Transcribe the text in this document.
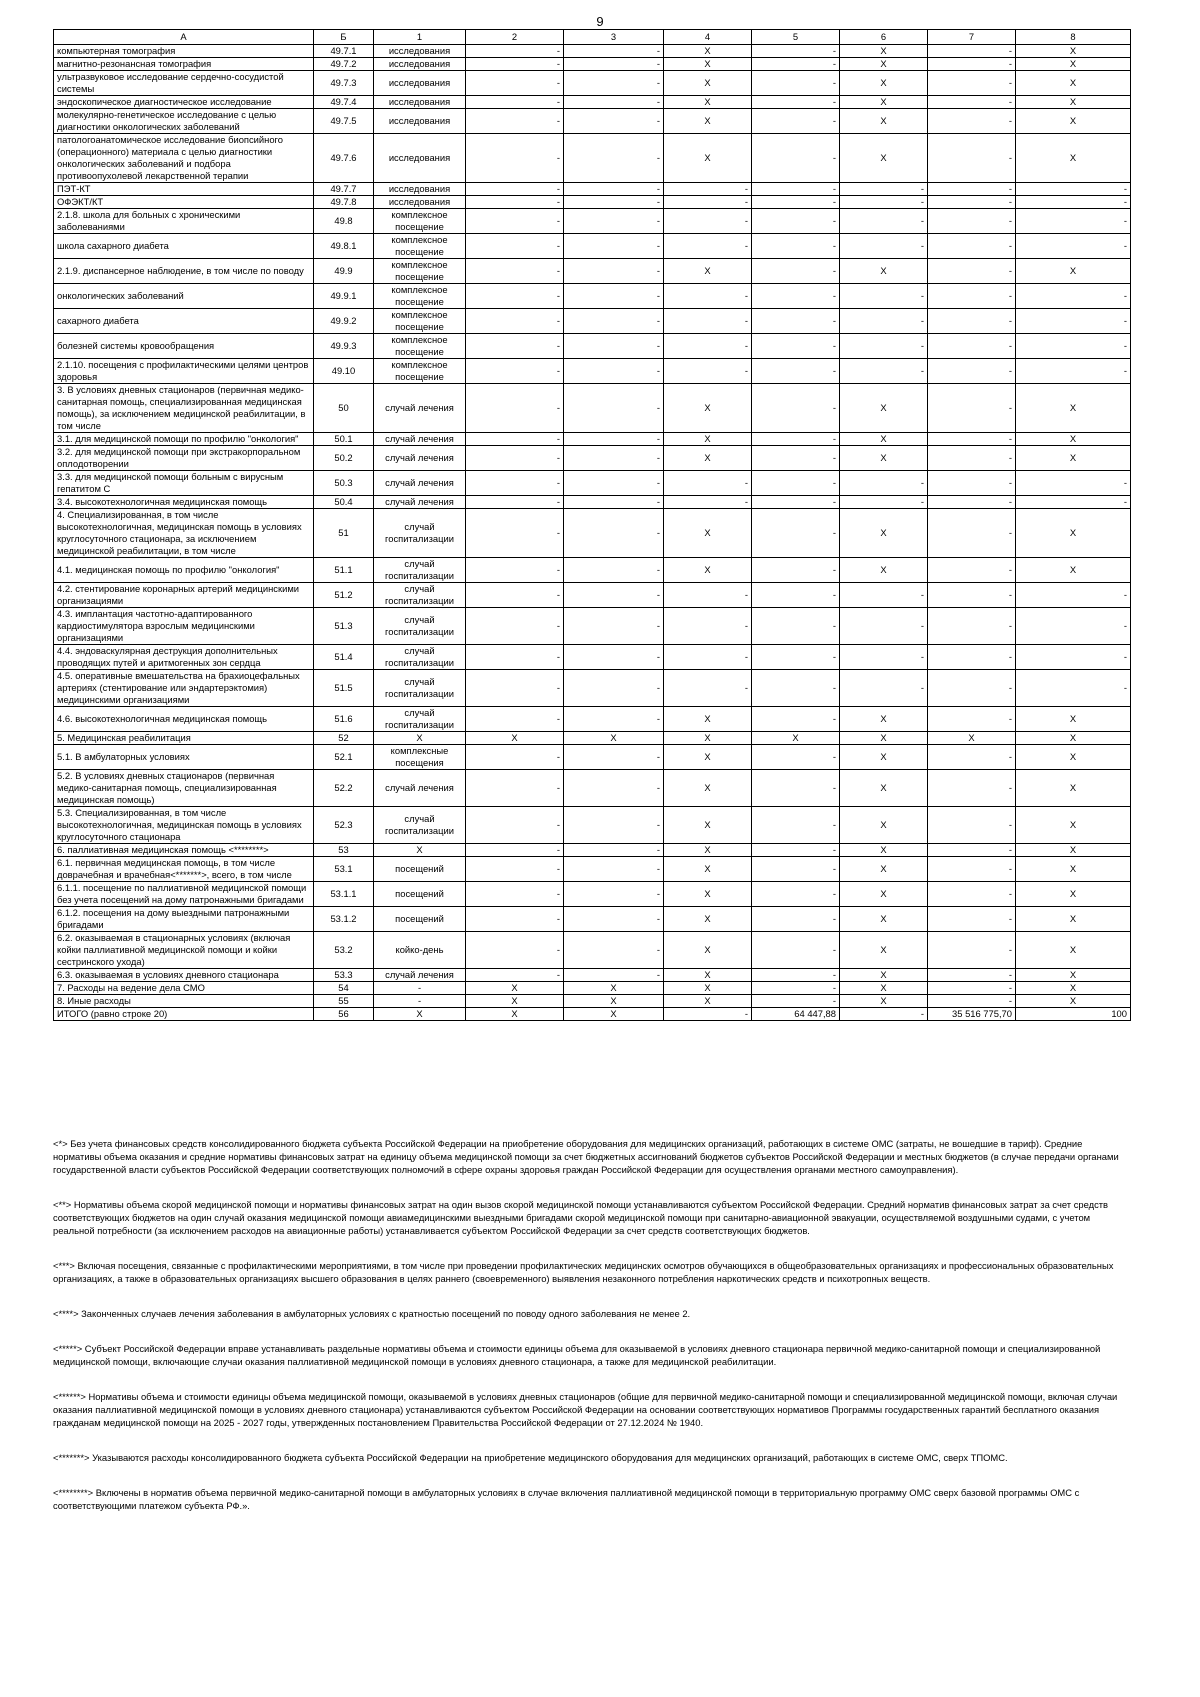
9
А	Б	1	2	3	4	5	6	7	8
компьютерная томография	49.7.1	исследования	-	-	X	-	X	-	X
магнитно-резонансная томография	49.7.2	исследования	-	-	X	-	X	-	X
ультразвуковое исследование сердечно-сосудистой системы	49.7.3	исследования	-	-	X	-	X	-	X
эндоскопическое диагностическое исследование	49.7.4	исследования	-	-	X	-	X	-	X
молекулярно-генетическое исследование с целью диагностики онкологических заболеваний	49.7.5	исследования	-	-	X	-	X	-	X
патологоанатомическое исследование биопсийного (операционного) материала с целью диагностики онкологических заболеваний и подбора противоопухолевой лекарственной терапии	49.7.6	исследования	-	-	X	-	X	-	X
ПЭТ-КТ	49.7.7	исследования	-	-	-	-	-	-	-
ОФЭКТ/КТ	49.7.8	исследования	-	-	-	-	-	-	-
2.1.8. школа для больных с хроническими заболеваниями	49.8	комплексное посещение	-	-	-	-	-	-	-
школа сахарного диабета	49.8.1	комплексное посещение	-	-	-	-	-	-	-
2.1.9. диспансерное наблюдение, в том числе по поводу	49.9	комплексное посещение	-	-	X	-	X	-	X
онкологических заболеваний	49.9.1	комплексное посещение	-	-	-	-	-	-	-
сахарного диабета	49.9.2	комплексное посещение	-	-	-	-	-	-	-
болезней системы кровообращения	49.9.3	комплексное посещение	-	-	-	-	-	-	-
2.1.10. посещения с профилактическими целями центров здоровья	49.10	комплексное посещение	-	-	-	-	-	-	-
3. В условиях дневных стационаров (первичная медико-санитарная помощь, специализированная медицинская помощь), за исключением медицинской реабилитации, в том числе	50	случай лечения	-	-	X	-	X	-	X
3.1. для медицинской помощи по профилю "онкология"	50.1	случай лечения	-	-	X	-	X	-	X
3.2. для медицинской помощи при экстракорпоральном оплодотворении	50.2	случай лечения	-	-	X	-	X	-	X
3.3. для медицинской помощи больным с вирусным гепатитом С	50.3	случай лечения	-	-	-	-	-	-	-
3.4. высокотехнологичная медицинская помощь	50.4	случай лечения	-	-	-	-	-	-	-
4. Специализированная, в том числе высокотехнологичная, медицинская помощь в условиях круглосуточного стационара, за исключением медицинской реабилитации, в том числе	51	случай госпитализации	-	-	X	-	X	-	X
4.1. медицинская помощь по профилю "онкология"	51.1	случай госпитализации	-	-	X	-	X	-	X
4.2. стентирование коронарных артерий медицинскими организациями	51.2	случай госпитализации	-	-	-	-	-	-	-
4.3. имплантация частотно-адаптированного кардиостимулятора взрослым медицинскими организациями	51.3	случай госпитализации	-	-	-	-	-	-	-
4.4. эндоваскулярная деструкция дополнительных проводящих путей и аритмогенных зон сердца	51.4	случай госпитализации	-	-	-	-	-	-	-
4.5. оперативные вмешательства на брахиоцефальных артериях (стентирование или эндартерэктомия) медицинскими организациями	51.5	случай госпитализации	-	-	-	-	-	-	-
4.6. высокотехнологичная медицинская помощь	51.6	случай госпитализации	-	-	X	-	X	-	X
5. Медицинская реабилитация	52	X	X	X	X	X	X	X	X
5.1. В амбулаторных условиях	52.1	комплексные посещения	-	-	X	-	X	-	X
5.2. В условиях дневных стационаров (первичная медико-санитарная помощь, специализированная медицинская помощь)	52.2	случай лечения	-	-	X	-	X	-	X
5.3. Специализированная, в том числе высокотехнологичная, медицинская помощь в условиях круглосуточного стационара	52.3	случай госпитализации	-	-	X	-	X	-	X
6. паллиативная медицинская помощь <********>	53	X	-	-	X	-	X	-	X
6.1. первичная медицинская помощь, в том числе доврачебная и врачебная<*******>, всего, в том числе	53.1	посещений	-	-	X	-	X	-	X
6.1.1. посещение по паллиативной медицинской помощи без учета посещений на дому патронажными бригадами	53.1.1	посещений	-	-	X	-	X	-	X
6.1.2. посещения на дому выездными патронажными бригадами	53.1.2	посещений	-	-	X	-	X	-	X
6.2. оказываемая в стационарных условиях (включая койки паллиативной медицинской помощи и койки сестринского ухода)	53.2	койко-день	-	-	X	-	X	-	X
6.3. оказываемая в условиях дневного стационара	53.3	случай лечения	-	-	X	-	X	-	X
7. Расходы на ведение дела СМО	54	-	X	X	X	-	X	-	X
8. Иные расходы	55	-	X	X	X	-	X	-	X
ИТОГО (равно строке 20)	56	X	X	X	-	64 447,88	-	35 516 775,70	100

<*> Без учета финансовых средств консолидированного бюджета субъекта Российской Федерации на приобретение оборудования для медицинских организаций, работающих в системе ОМС (затраты, не вошедшие в тариф). Средние нормативы объема оказания и средние нормативы финансовых затрат на единицу объема медицинской помощи за счет бюджетных ассигнований бюджетов субъектов Российской Федерации и местных бюджетов (в случае передачи органами государственной власти субъектов Российской Федерации соответствующих полномочий в сфере охраны здоровья граждан Российской Федерации для осуществления органами местного самоуправления).

<**> Нормативы объема скорой медицинской помощи и нормативы финансовых затрат на один вызов скорой медицинской помощи устанавливаются субъектом Российской Федерации. Средний норматив финансовых затрат за счет средств соответствующих бюджетов на один случай оказания медицинской помощи авиамедицинскими выездными бригадами скорой медицинской помощи при санитарно-авиационной эвакуации, осуществляемой воздушными судами, с учетом реальной потребности (за исключением расходов на авиационные работы) устанавливается субъектом Российской Федерации за счет средств соответствующих бюджетов.

<***> Включая посещения, связанные с профилактическими мероприятиями, в том числе при проведении профилактических медицинских осмотров обучающихся в общеобразовательных организациях и профессиональных образовательных организациях, а также в образовательных организациях высшего образования в целях раннего (своевременного) выявления незаконного потребления наркотических средств и психотропных веществ.

<****> Законченных случаев лечения заболевания в амбулаторных условиях с кратностью посещений по поводу одного заболевания не менее 2.

<*****> Субъект Российской Федерации вправе устанавливать раздельные нормативы объема и стоимости единицы объема для оказываемой в условиях дневного стационара первичной медико-санитарной помощи и специализированной медицинской помощи, включающие случаи оказания паллиативной медицинской помощи в условиях дневного стационара, а также для медицинской реабилитации.

<******> Нормативы объема и стоимости единицы объема медицинской помощи, оказываемой в условиях дневных стационаров (общие для первичной медико-санитарной помощи и специализированной медицинской помощи, включая случаи оказания паллиативной медицинской помощи в условиях дневного стационара) устанавливаются субъектом Российской Федерации на основании соответствующих нормативов Программы государственных гарантий бесплатного оказания гражданам медицинской помощи на 2025 - 2027 годы, утвержденных постановлением Правительства Российской Федерации от 27.12.2024 № 1940.

<*******> Указываются расходы консолидированного бюджета субъекта Российской Федерации на приобретение медицинского оборудования для медицинских организаций, работающих в системе ОМС, сверх ТПОМС.

<********> Включены в норматив объема первичной медико-санитарной помощи в амбулаторных условиях в случае включения паллиативной медицинской помощи в территориальную программу ОМС сверх базовой программы ОМС с соответствующими платежом субъекта РФ.».
